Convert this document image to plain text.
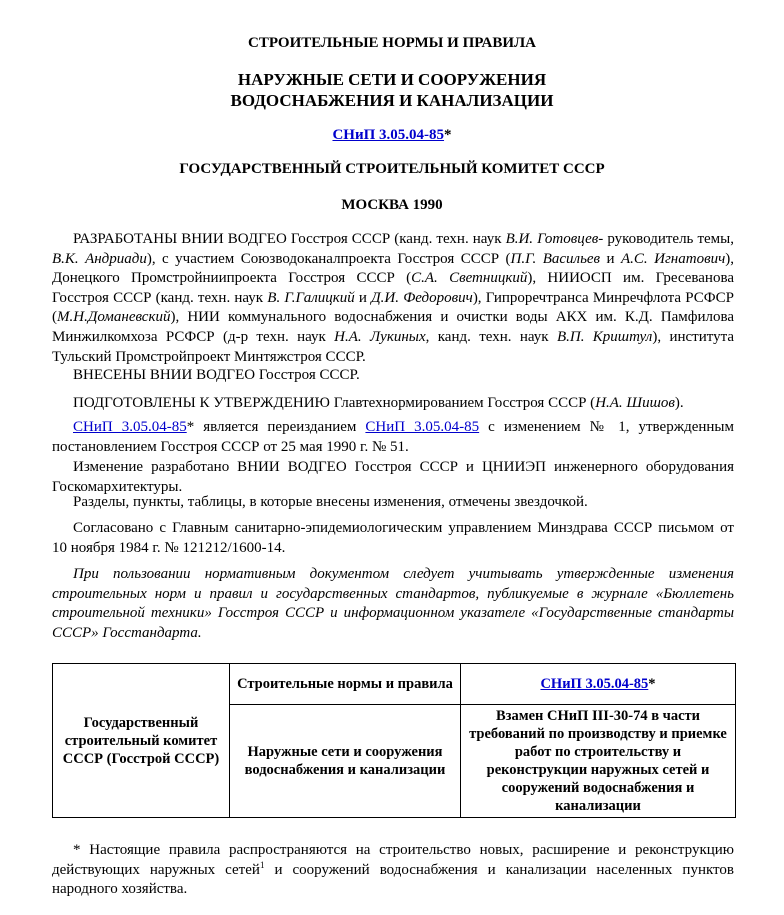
СТРОИТЕЛЬНЫЕ НОРМЫ И ПРАВИЛА
НАРУЖНЫЕ СЕТИ И СООРУЖЕНИЯ
ВОДОСНАБЖЕНИЯ И КАНАЛИЗАЦИИ
СНиП 3.05.04-85*
ГОСУДАРСТВЕННЫЙ СТРОИТЕЛЬНЫЙ КОМИТЕТ СССР
МОСКВА 1990

РАЗРАБОТАНЫ ВНИИ ВОДГЕО Госстроя СССР (канд. техн. наук В.И. Готовцев- руководитель темы, В.К. Андриади), с участием Союзводоканалпроекта Госстроя СССР (П.Г. Васильев и А.С. Игнатович), Донецкого Промстройниипроекта Госстроя СССР (С.А. Светницкий), НИИОСП им. Гресеванова Госстроя СССР (канд. техн. наук В. Г.Галицкий и Д.И. Федорович), Гипроречтранса Минречфлота РСФСР (М.Н.Доманевский), НИИ коммунального водоснабжения и очистки воды АКХ им. К.Д. Памфилова Минжилкомхоза РСФСР (д-р техн. наук Н.А. Лукиных, канд. техн. наук В.П. Криштул), института Тульский Промстройпроект Минтяжстроя СССР.

ВНЕСЕНЫ ВНИИ ВОДГЕО Госстроя СССР.

ПОДГОТОВЛЕНЫ К УТВЕРЖДЕНИЮ Главтехнормированием Госстроя СССР (Н.А. Шишов).

СНиП 3.05.04-85* является переизданием СНиП 3.05.04-85 с изменением № 1, утвержденным постановлением Госстроя СССР от 25 мая 1990 г. № 51.

Изменение разработано ВНИИ ВОДГЕО Госстроя СССР и ЦНИИЭП инженерного оборудования Госкомархитектуры.

Разделы, пункты, таблицы, в которые внесены изменения, отмечены звездочкой.

Согласовано с Главным санитарно-эпидемиологическим управлением Минздрава СССР письмом от 10 ноября 1984 г. № 121212/1600-14.

При пользовании нормативным документом следует учитывать утвержденные изменения строительных норм и правил и государственных стандартов, публикуемые в журнале «Бюллетень строительной техники» Госстроя СССР и информационном указателе «Государственные стандарты СССР» Госстандарта.

Государственный строительный комитет СССР (Госстрой СССР)	Строительные нормы и правила	СНиП 3.05.04-85*
	Наружные сети и сооружения водоснабжения и канализации	Взамен СНиП III-30-74 в части требований по производству и приемке работ по строительству и реконструкции наружных сетей и сооружений водоснабжения и канализации

* Настоящие правила распространяются на строительство новых, расширение и реконструкцию действующих наружных сетей$^1$ и сооружений водоснабжения и канализации населенных пунктов народного хозяйства.
